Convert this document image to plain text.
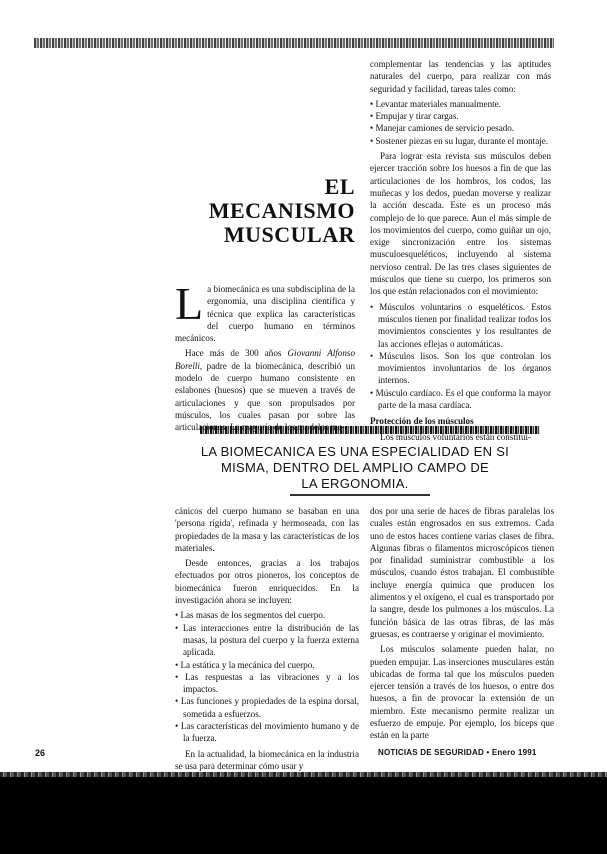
EL
MECANISMO
MUSCULAR

La biomecánica es una subdisciplina de la ergonomía, una disciplina científica y técnica que explica las características del cuerpo humano en términos mecánicos.

Hace más de 300 años Giovanni Alfonso Borelli, padre de la biomecánica, describió un modelo de cuerpo humano consistente en eslabones (huesos) que se mueven a través de articulaciones y que son propulsados por músculos, los cuales pasan por sobre las articulaciones. La mayoría de los modelos me-

complementar las tendencias y las aptitudes naturales del cuerpo, para realizar con más seguridad y facilidad, tareas tales como:

• Levantar materiales manualmente.
• Empujar y tirar cargas.
• Manejar camiones de servicio pesado.
• Sostener piezas en su lugar, durante el montaje.

Para lograr esta revista sus músculos deben ejercer tracción sobre los huesos a fin de que las articulaciones de los hombros, los codos, las muñecas y los dedos, puedan moverse y realizar la acción descada. Este es un proceso más complejo de lo que parece. Aun el más simple de los movimientos del cuerpo, como guiñar un ojo, exige sincronización entre los sistemas musculoesqueléticos, incluyendo al sistema nervioso central. De las tres clases siguientes de músculos que tiene su cuerpo, los primeros son los que están relacionados con el movimiento:

• Músculos voluntarios o esqueléticos. Estos músculos tienen por finalidad realizar todos los movimientos conscientes y los resultantes de las acciones eflejas o automáticas.
• Músculos lisos. Son los que controlan los movimientos involuntarios de los órganos internos.
• Músculo cardíaco. Es el que conforma la mayor parte de la masa cardíaca.
Protección de los músculos

Los músculos voluntarios están constitui-

LA BIOMECANICA ES UNA ESPECIALIDAD EN SI
MISMA, DENTRO DEL AMPLIO CAMPO DE
LA ERGONOMIA.

cánicos del cuerpo humano se basaban en una 'persona rígida', refinada y hermoseada, con las propiedades de la masa y las características de los materiales.

Desde entonces, gracias a los trabajos efectuados por otros pioneros, los conceptos de biomecánica fueron enriquecidos. En la investigación ahora se incluyen:

• Las masas de los segmentos del cuerpo.
• Las interacciones entre la distribución de las masas, la postura del cuerpo y la fuerza externa aplicada.
• La estática y la mecánica del cuerpo.
• Las respuestas a las vibraciones y a los impactos.
• Las funciones y propiedades de la espina dorsal, sometida a esfuerzos.
• Las características del movimiento humano y de la fuerza.

En la actualidad, la biomecánica en la industria se usa para determinar cómo usar y

dos por una serie de haces de fibras paralelas los cuales están engrosados en sus extremos. Cada uno de estos haces contiene varias clases de fibra. Algunas fibras o filamentos microscópicos tienen por finalidad suministrar combustible a los músculos, cuando éstos trabajan. El combustible incluye energía química que producen los alimentos y el oxígeno, el cual es transportado por la sangre, desde los pulmones a los músculos. La función básica de las otras fibras, de las más gruesas, es contraerse y originar el movimiento.

Los músculos solamente pueden halar, no pueden empujar. Las inserciones musculares están ubicadas de forma tal que los músculos pueden ejercer tensión a través de los huesos, o entre dos huesos, a fin de provocar la extensión de un miembro. Este mecanismo permite realizar un esfuerzo de empuje. Por ejemplo, los bíceps que están en la parte

26	NOTICIAS DE SEGURIDAD • Enero 1991
